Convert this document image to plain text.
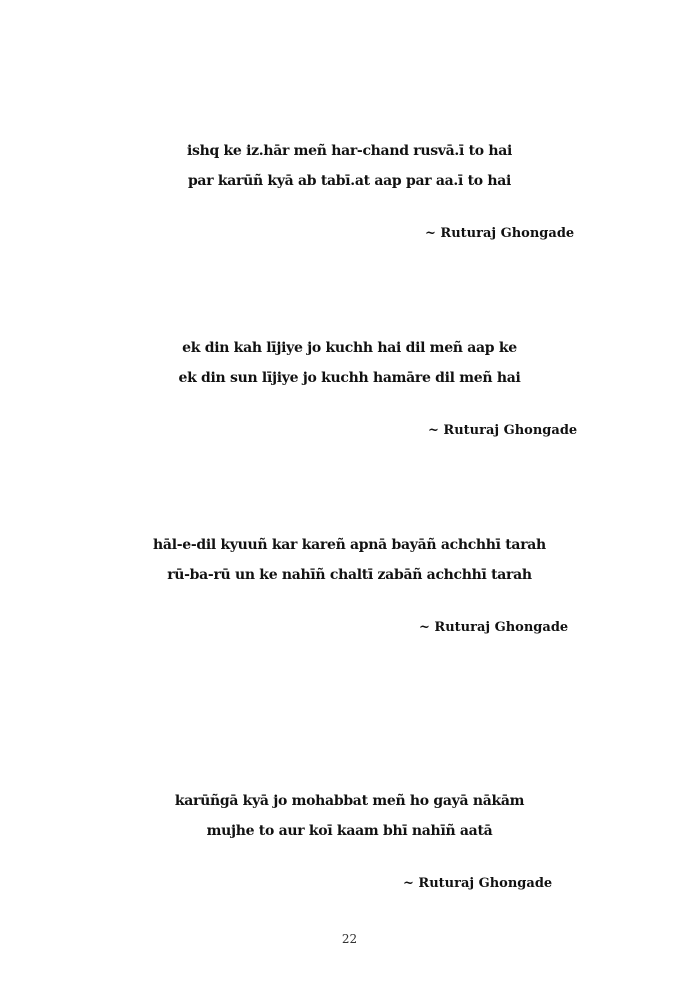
ishq ke iz.hār meñ har-chand rusvā.ī to hai
par karūñ kyā ab tabī.at aap par aa.ī to hai
~ Ruturaj Ghongade
ek din kah lījiye jo kuchh hai dil meñ aap ke
ek din sun lījiye jo kuchh hamāre dil meñ hai
~ Ruturaj Ghongade
hāl-e-dil kyuuñ kar kareñ apnā bayāñ achchhī tarah
rū-ba-rū un ke nahīñ chaltī zabāñ achchhī tarah
~ Ruturaj Ghongade
karūñgā kyā jo mohabbat meñ ho gayā nākām
mujhe to aur koī kaam bhī nahīñ aatā
~ Ruturaj Ghongade
22
